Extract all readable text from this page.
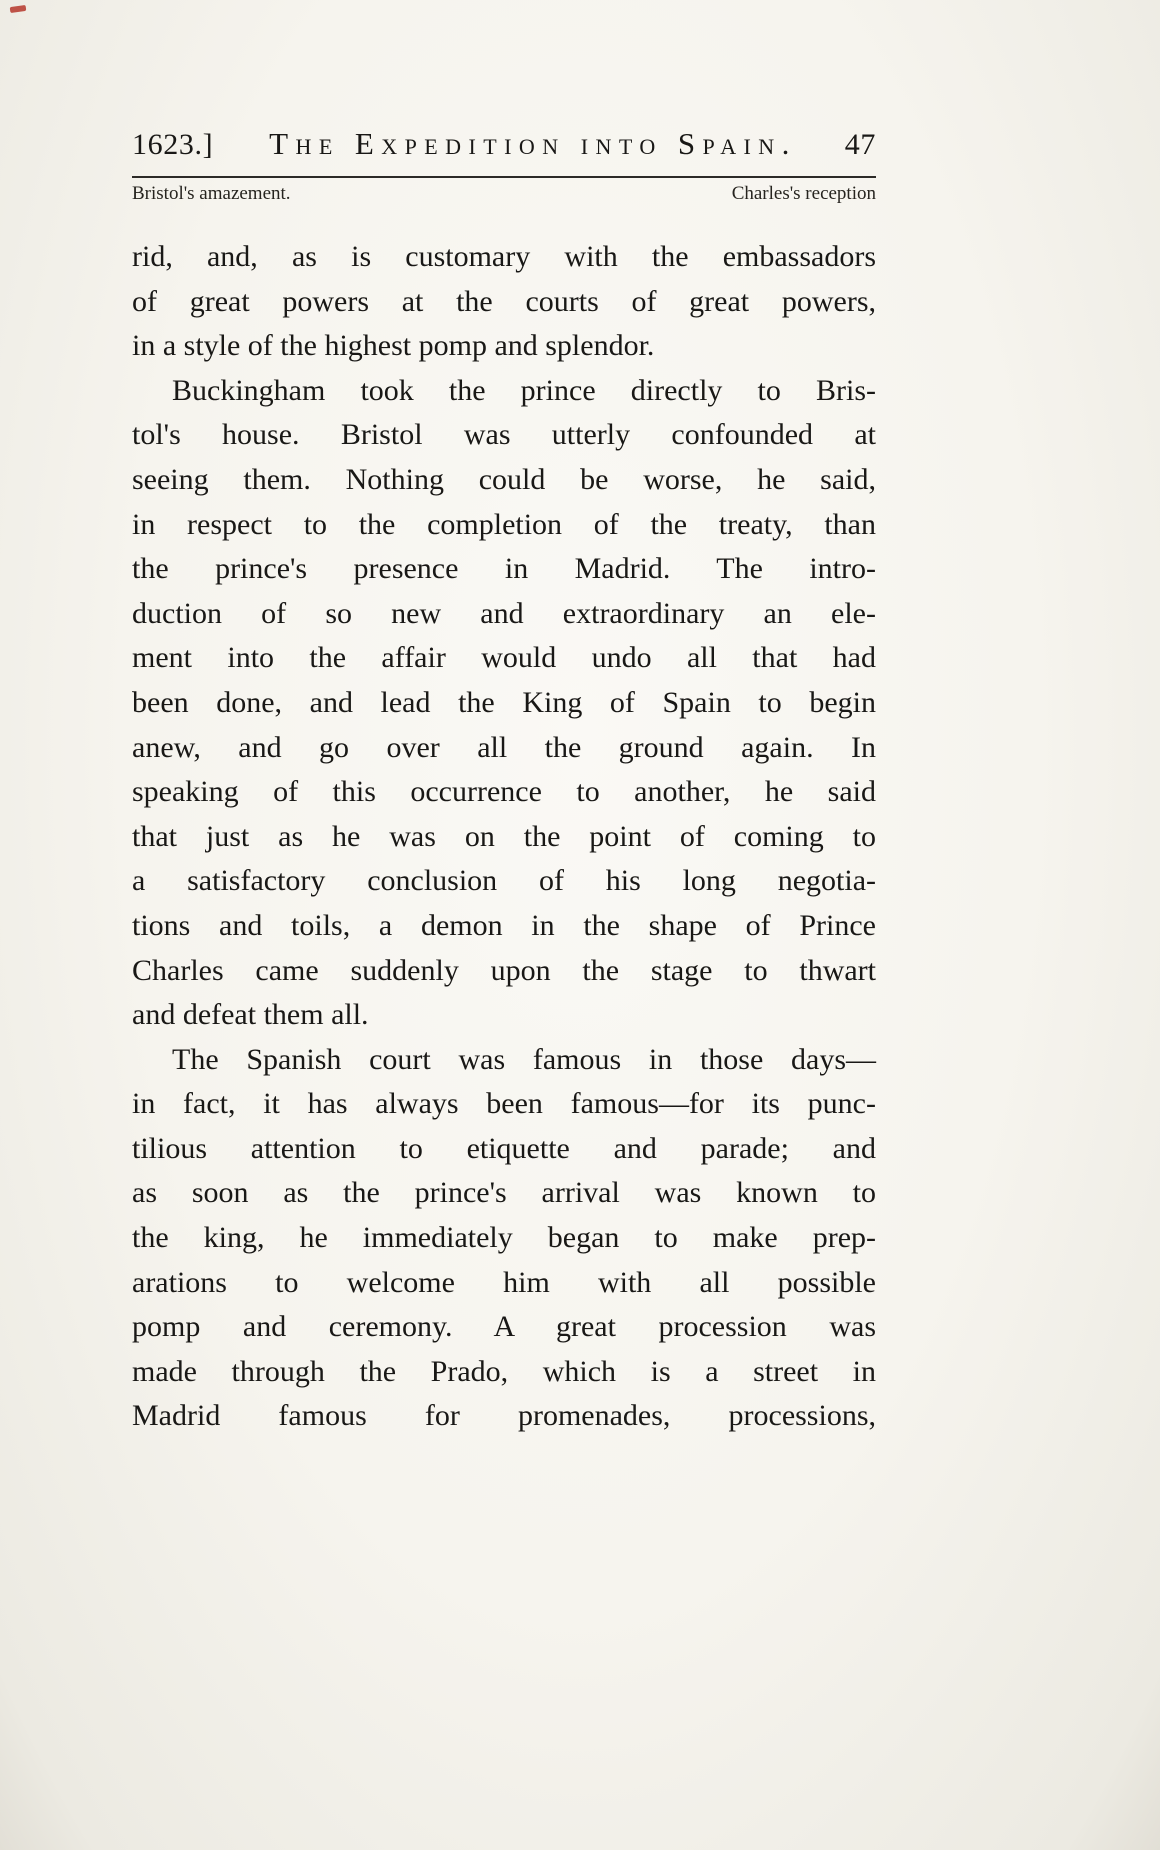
1623.]	The Expedition into Spain.	47
Bristol's amazement.	Charles's reception
rid, and, as is customary with the embassadors
of great powers at the courts of great powers,
in a style of the highest pomp and splendor.
Buckingham took the prince directly to Bris-
tol's house. Bristol was utterly confounded at
seeing them. Nothing could be worse, he said,
in respect to the completion of the treaty, than
the prince's presence in Madrid. The intro-
duction of so new and extraordinary an ele-
ment into the affair would undo all that had
been done, and lead the King of Spain to begin
anew, and go over all the ground again. In
speaking of this occurrence to another, he said
that just as he was on the point of coming to
a satisfactory conclusion of his long negotia-
tions and toils, a demon in the shape of Prince
Charles came suddenly upon the stage to thwart
and defeat them all.
The Spanish court was famous in those days—
in fact, it has always been famous—for its punc-
tilious attention to etiquette and parade; and
as soon as the prince's arrival was known to
the king, he immediately began to make prep-
arations to welcome him with all possible
pomp and ceremony. A great procession was
made through the Prado, which is a street in
Madrid famous for promenades, processions,
